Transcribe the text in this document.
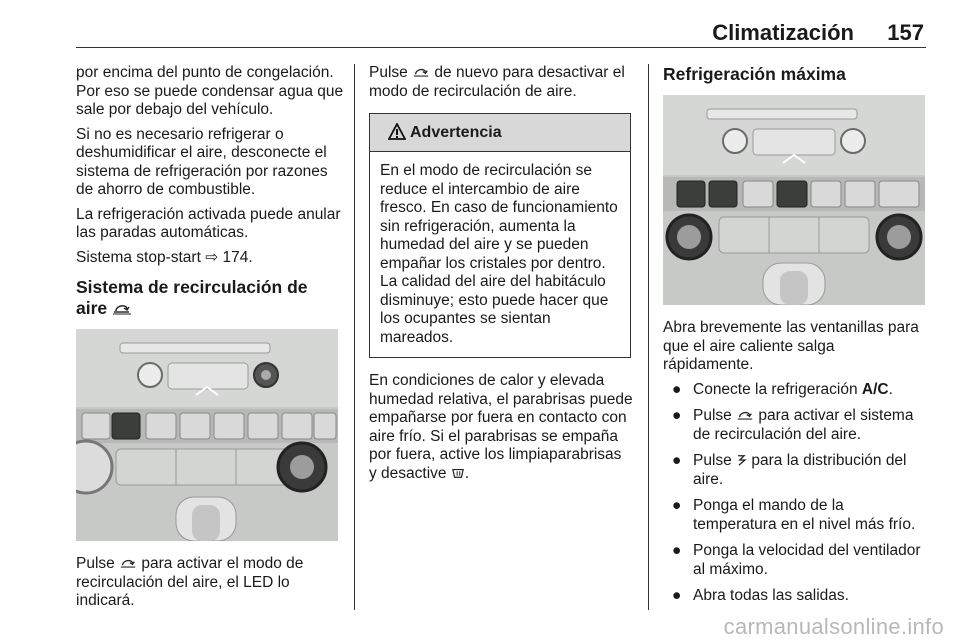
Climatización 157

por encima del punto de congelación. Por eso se puede condensar agua que sale por debajo del vehículo.

Si no es necesario refrigerar o deshumidificar el aire, desconecte el sistema de refrigeración por razones de ahorro de combustible.

La refrigeración activada puede anular las paradas automáticas.

Sistema stop-start ⇨ 174.

Sistema de recirculación de
aire

Pulse para activar el modo de recirculación del aire, el LED lo indicará.

Pulse de nuevo para desactivar el modo de recirculación de aire.

Advertencia
En el modo de recirculación se reduce el intercambio de aire fresco. En caso de funcionamiento sin refrigeración, aumenta la humedad del aire y se pueden empañar los cristales por dentro. La calidad del aire del habitáculo disminuye; esto puede hacer que los ocupantes se sientan mareados.

En condiciones de calor y elevada humedad relativa, el parabrisas puede empañarse por fuera en contacto con aire frío. Si el parabrisas se empaña por fuera, active los limpiaparabrisas y desactive .

Refrigeración máxima

Abra brevemente las ventanillas para que el aire caliente salga rápidamente.

● Conecte la refrigeración A/C.
● Pulse para activar el sistema de recirculación del aire.
● Pulse para la distribución del aire.
● Ponga el mando de la temperatura en el nivel más frío.
● Ponga la velocidad del ventilador al máximo.
● Abra todas las salidas.
carmanualsonline.info
